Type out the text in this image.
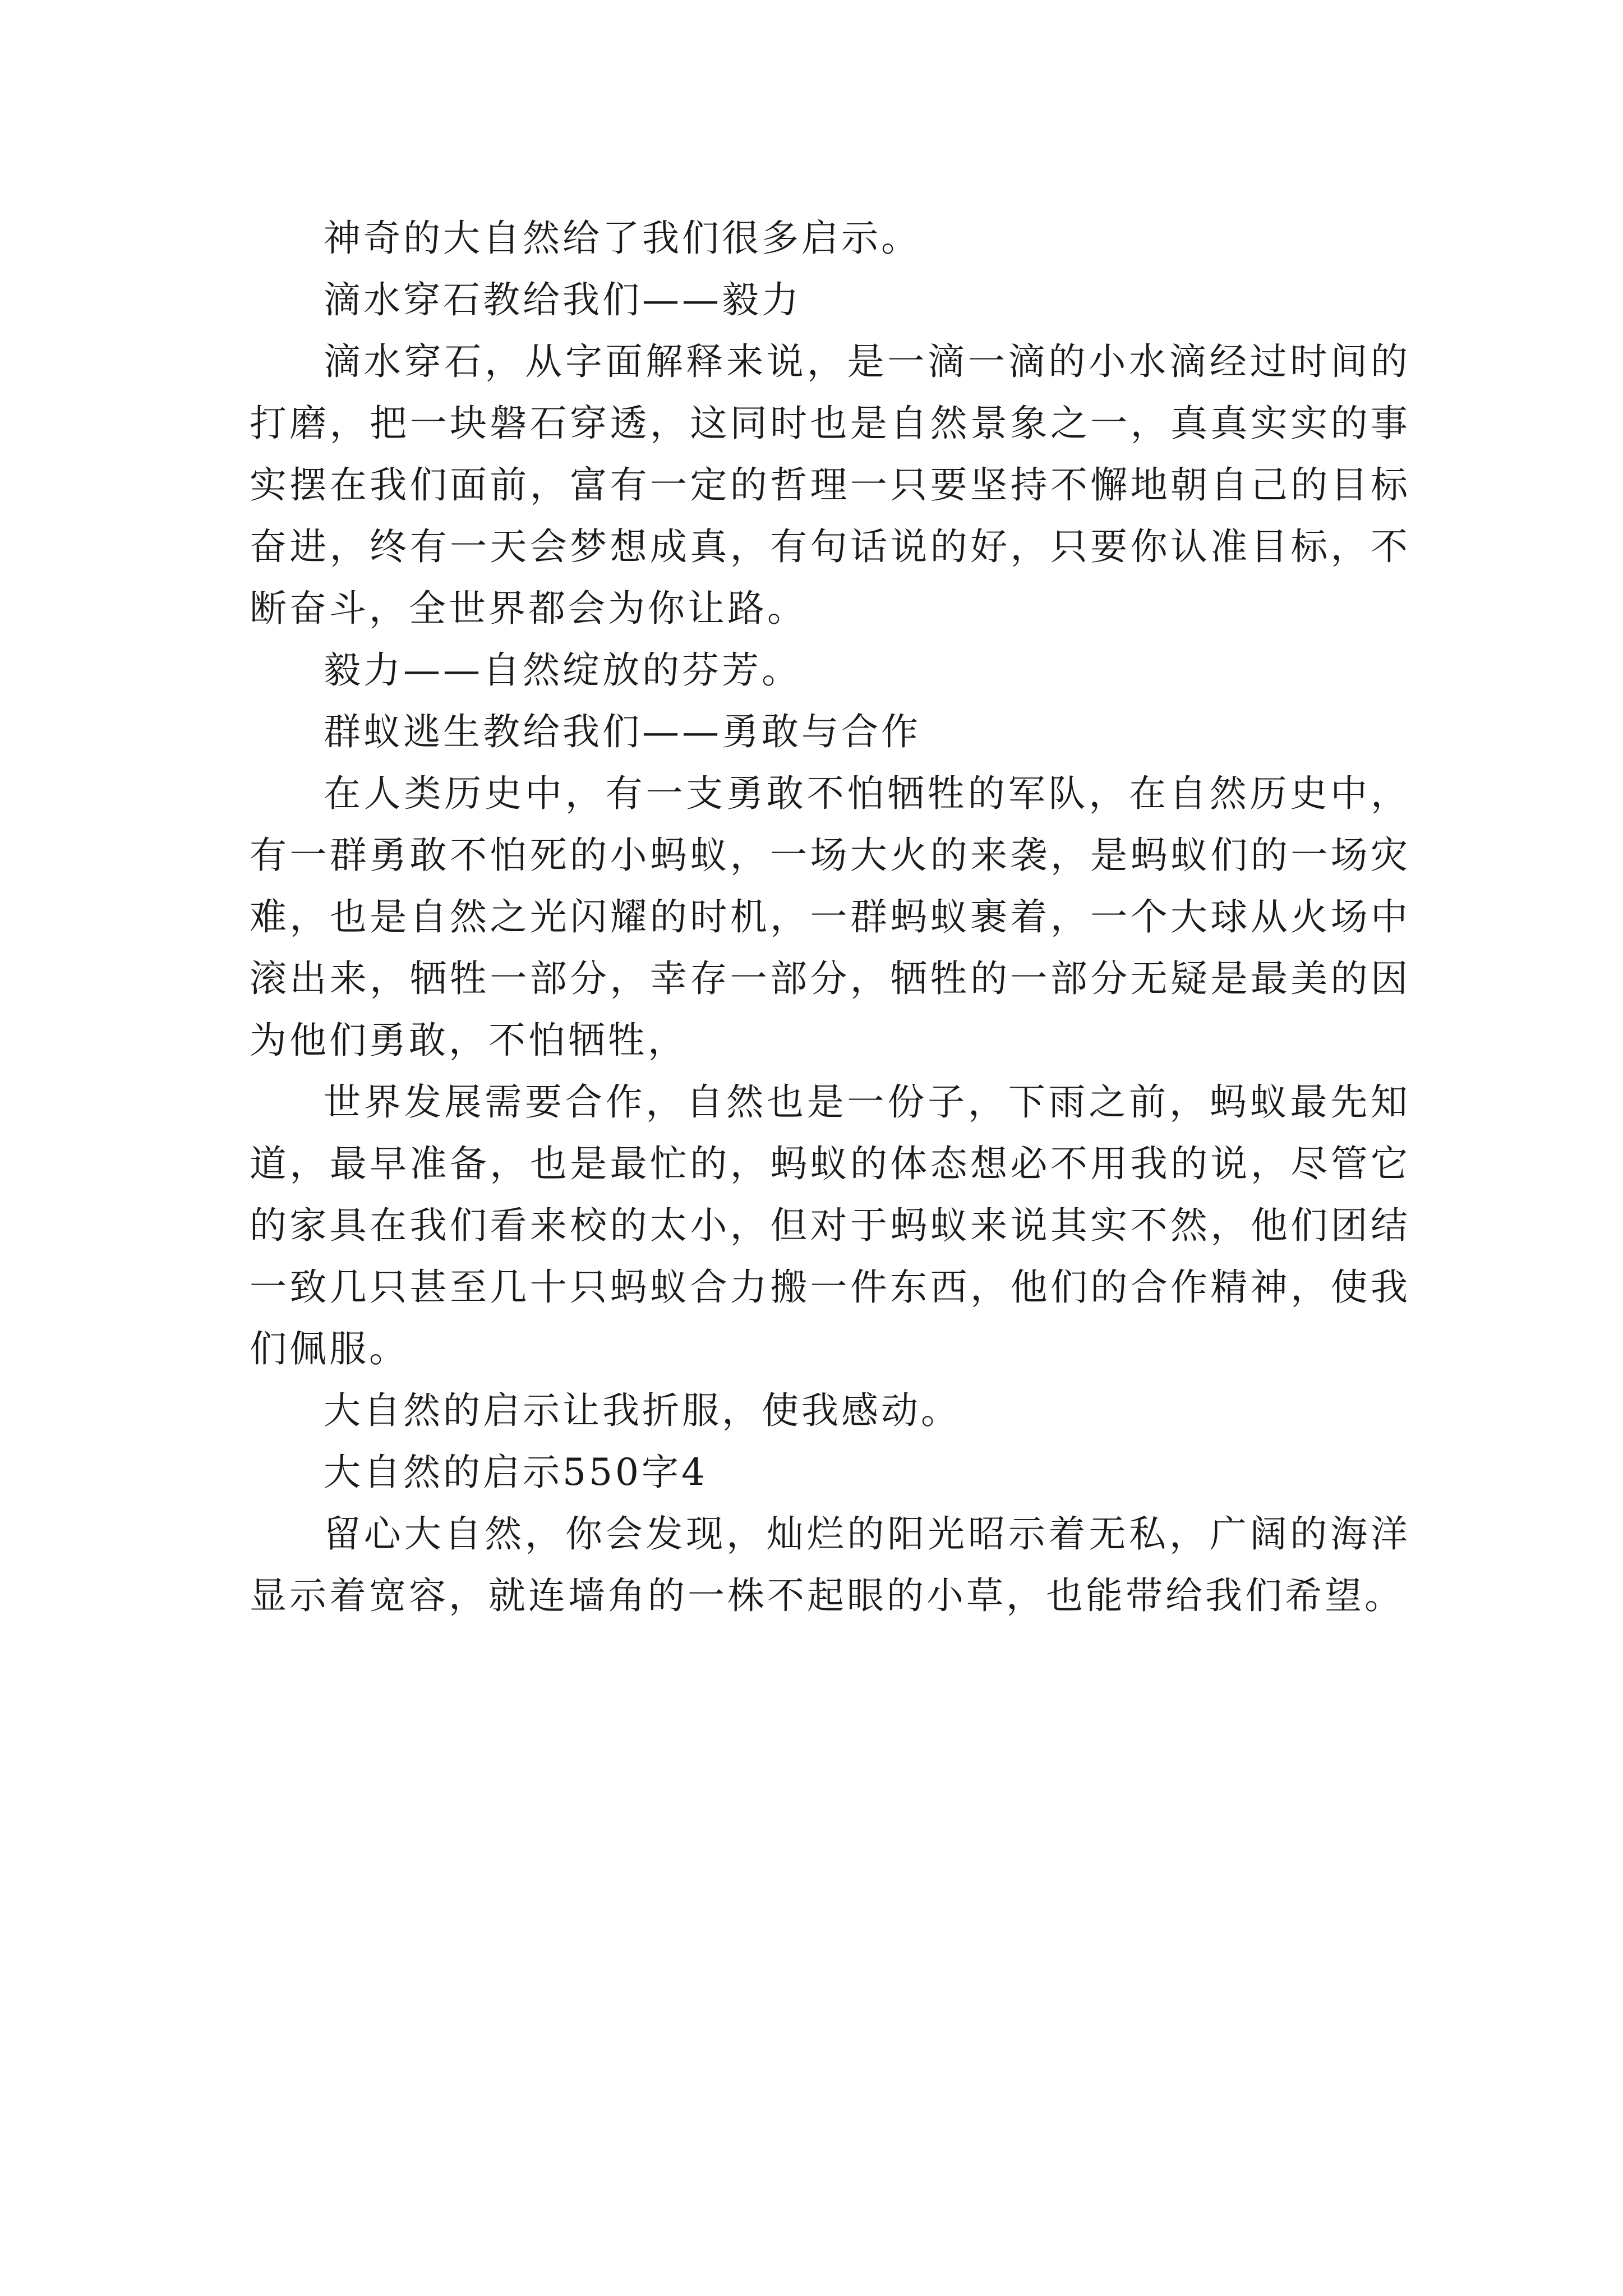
神奇的大自然给了我们很多启示。

滴水穿石教给我们——毅力

滴水穿石，从字面解释来说，是一滴一滴的小水滴经过时间的打磨，把一块磐石穿透，这同时也是自然景象之一，真真实实的事实摆在我们面前，富有一定的哲理一只要坚持不懈地朝自己的目标奋进，终有一天会梦想成真，有句话说的好，只要你认准目标，不断奋斗，全世界都会为你让路。

毅力——自然绽放的芬芳。

群蚁逃生教给我们——勇敢与合作

在人类历史中，有一支勇敢不怕牺牲的军队，在自然历史中，有一群勇敢不怕死的小蚂蚁，一场大火的来袭，是蚂蚁们的一场灾难，也是自然之光闪耀的时机，一群蚂蚁裹着，一个大球从火场中滚出来，牺牲一部分，幸存一部分，牺牲的一部分无疑是最美的因为他们勇敢，不怕牺牲，

世界发展需要合作，自然也是一份子，下雨之前，蚂蚁最先知道，最早准备，也是最忙的，蚂蚁的体态想必不用我的说，尽管它的家具在我们看来校的太小，但对于蚂蚁来说其实不然，他们团结一致几只甚至几十只蚂蚁合力搬一件东西，他们的合作精神，使我们佩服。

大自然的启示让我折服，使我感动。

大自然的启示550字4

留心大自然，你会发现，灿烂的阳光昭示着无私，广阔的海洋显示着宽容，就连墙角的一株不起眼的小草，也能带给我们希望。
